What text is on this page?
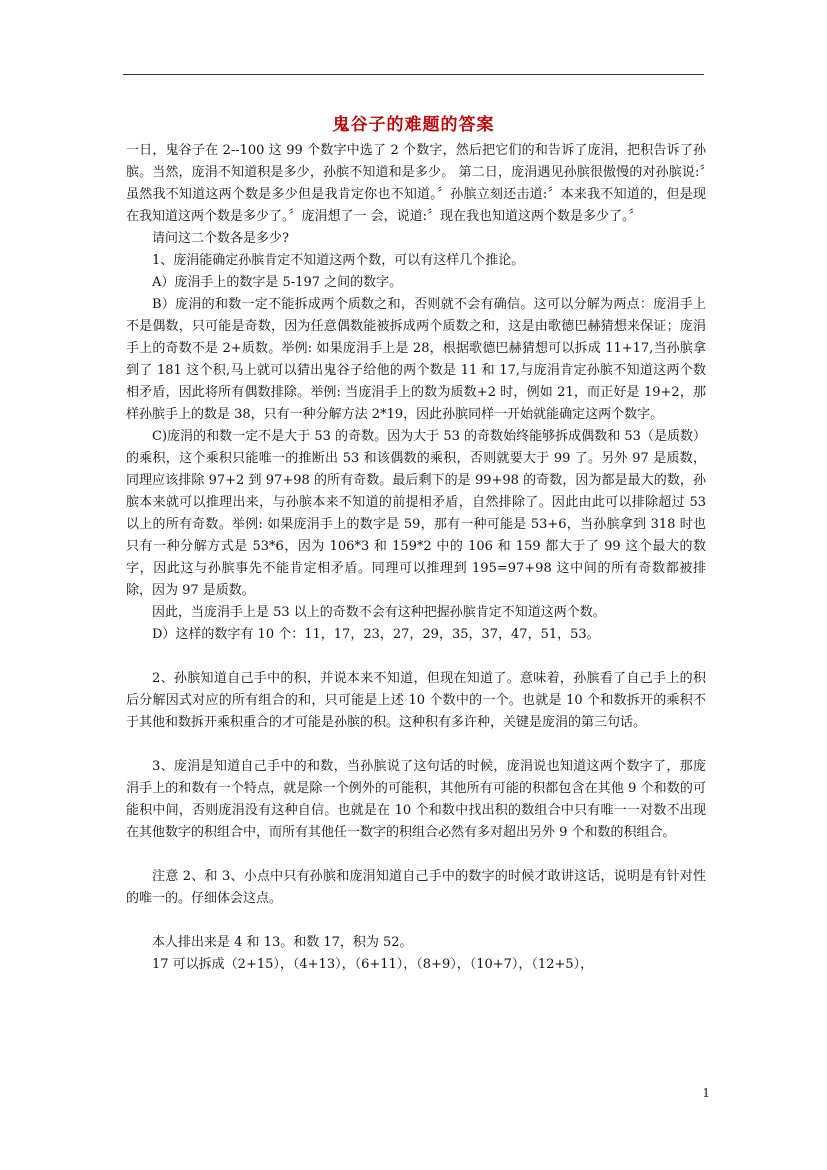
鬼谷子的难题的答案

一日，鬼谷子在 2--100 这 99 个数字中选了 2 个数字，然后把它们的和告诉了庞涓，把积告诉了孙膑。当然，庞涓不知道积是多少，孙膑不知道和是多少。 第二日，庞涓遇见孙膑很傲慢的对孙膑说:〞虽然我不知道这两个数是多少但是我肯定你也不知道。〞孙膑立刻还击道:〞本来我不知道的，但是现在我知道这两个数是多少了。〞庞涓想了一 会，说道:〞现在我也知道这两个数是多少了。〞

请问这二个数各是多少?

1、庞涓能确定孙膑肯定不知道这两个数，可以有这样几个推论。

A）庞涓手上的数字是 5-197 之间的数字。

B）庞涓的和数一定不能拆成两个质数之和，否则就不会有确信。这可以分解为两点：庞涓手上不是偶数，只可能是奇数，因为任意偶数能被拆成两个质数之和，这是由歌德巴赫猜想来保证；庞涓手上的奇数不是 2+质数。举例: 如果庞涓手上是 28，根据歌德巴赫猜想可以拆成 11+17,当孙膑拿到了 181 这个积,马上就可以猜出鬼谷子给他的两个数是 11 和 17,与庞涓肯定孙膑不知道这两个数相矛盾，因此将所有偶数排除。举例: 当庞涓手上的数为质数+2 时，例如 21，而正好是 19+2，那样孙膑手上的数是 38，只有一种分解方法 2*19，因此孙膑同样一开始就能确定这两个数字。

C)庞涓的和数一定不是大于 53 的奇数。因为大于 53 的奇数始终能够拆成偶数和 53（是质数）的乘积，这个乘积只能唯一的推断出 53 和该偶数的乘积，否则就要大于 99 了。另外 97 是质数，同理应该排除 97+2 到 97+98 的所有奇数。最后剩下的是 99+98 的奇数，因为都是最大的数，孙膑本来就可以推理出来，与孙膑本来不知道的前提相矛盾，自然排除了。因此由此可以排除超过 53 以上的所有奇数。举例: 如果庞涓手上的数字是 59，那有一种可能是 53+6，当孙膑拿到 318 时也只有一种分解方式是 53*6，因为 106*3 和 159*2 中的 106 和 159 都大于了 99 这个最大的数字，因此这与孙膑事先不能肯定相矛盾。同理可以推理到 195=97+98 这中间的所有奇数都被排除，因为 97 是质数。

因此，当庞涓手上是 53 以上的奇数不会有这种把握孙膑肯定不知道这两个数。

D）这样的数字有 10 个：11，17，23，27，29，35，37，47，51，53。

2、孙膑知道自己手中的积，并说本来不知道，但现在知道了。意味着，孙膑看了自己手上的积后分解因式对应的所有组合的和，只可能是上述 10 个数中的一个。也就是 10 个和数拆开的乘积不于其他和数拆开乘积重合的才可能是孙膑的积。这种积有多许种，关键是庞涓的第三句话。

3、庞涓是知道自己手中的和数，当孙膑说了这句话的时候，庞涓说也知道这两个数字了，那庞涓手上的和数有一个特点，就是除一个例外的可能积，其他所有可能的积都包含在其他 9 个和数的可能积中间，否则庞涓没有这种自信。也就是在 10 个和数中找出积的数组合中只有唯一一对数不出现在其他数字的积组合中，而所有其他任一数字的积组合必然有多对超出另外 9 个和数的积组合。

注意 2、和 3、小点中只有孙膑和庞涓知道自己手中的数字的时候才敢讲这话，说明是有针对性的唯一的。仔细体会这点。

本人排出来是 4 和 13。和数 17，积为 52。

17 可以拆成（2+15），（4+13），（6+11），（8+9），（10+7），（12+5），

1
